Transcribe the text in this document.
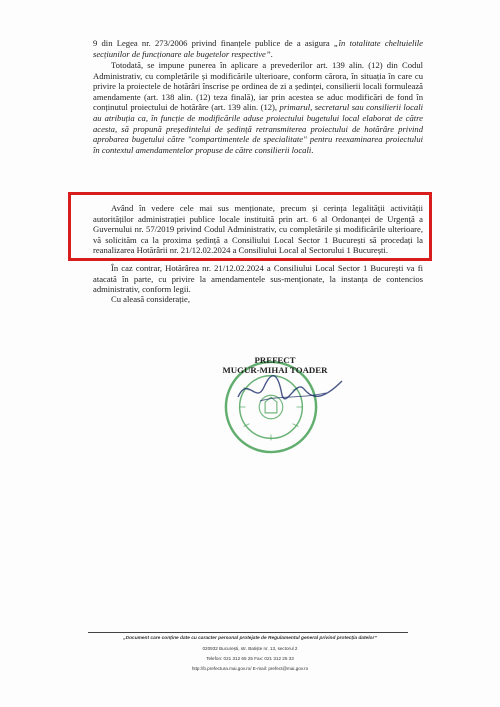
9 din Legea nr. 273/2006 privind finanțele publice de a asigura „în totalitate cheltuielile secțiunilor de funcționare ale bugetelor respective”.
Totodată, se impune punerea în aplicare a prevederilor art. 139 alin. (12) din Codul Administrativ, cu completările și modificările ulterioare, conform cărora, în situația în care cu privire la proiectele de hotărâri înscrise pe ordinea de zi a ședinței, consilierii locali formulează amendamente (art. 138 alin. (12) teza finală), iar prin acestea se aduc modificări de fond în conținutul proiectului de hotărâre (art. 139 alin. (12), primarul, secretarul sau consilierii locali au atribuția ca, în funcție de modificările aduse proiectului bugetului local elaborat de către acesta, să propună președintelui de ședință retransmiterea proiectului de hotărâre privind aprobarea bugetului către "compartimentele de specialitate" pentru reexaminarea proiectului în contextul amendamentelor propuse de către consilierii locali.
Având în vedere cele mai sus menționate, precum și cerința legalității activității autorităților administrației publice locale instituită prin art. 6 al Ordonanței de Urgență a Guvernului nr. 57/2019 privind Codul Administrativ, cu completările și modificările ulterioare, vă solicităm ca la proxima ședință a Consiliului Local Sector 1 București să procedați la reanalizarea Hotărârii nr. 21/12.02.2024 a Consiliului Local al Sectorului 1 București.
În caz contrar, Hotărârea nr. 21/12.02.2024 a Consiliului Local Sector 1 București va fi atacată în parte, cu privire la amendamentele sus-menționate, la instanța de contencios administrativ, conform legii.
Cu aleasă considerație,
PREFECT
MUGUR-MIHAI TOADER
„Document care conține date cu caracter personal protejate de Regulamentul general privind protecția datelor”
020932 București, str. Batiște nr. 13, sectorul 2
Telefon: 021 312 65 25 Fax: 021 312 25 33
http://b.prefectura.mai.gov.ro/ E-mail: prefect@mai.gov.ro
